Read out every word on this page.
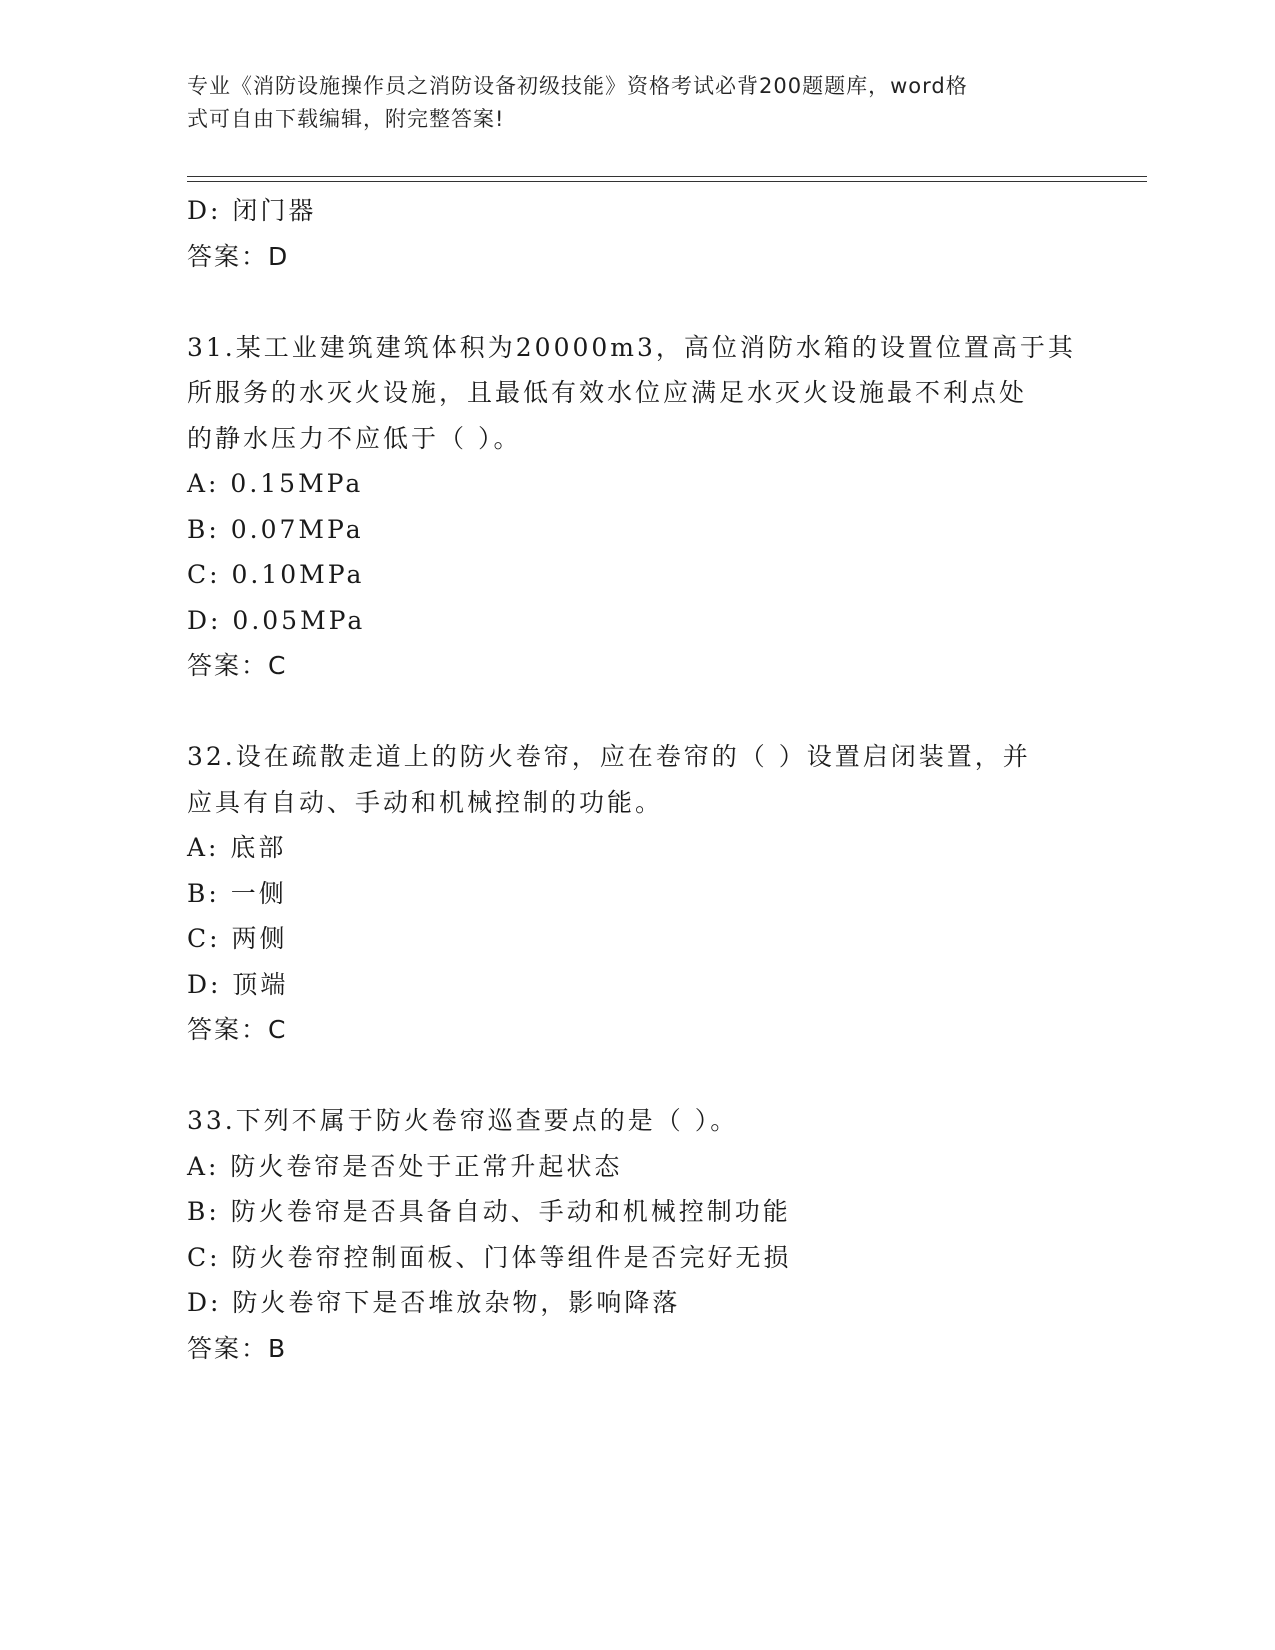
专业《消防设施操作员之消防设备初级技能》资格考试必背200题题库，word格
式可自由下载编辑，附完整答案!
D: 闭门器
答案：D
31.某工业建筑建筑体积为20000m3，高位消防水箱的设置位置高于其
所服务的水灭火设施，且最低有效水位应满足水灭火设施最不利点处
的静水压力不应低于（ ）。
A: 0.15MPa
B: 0.07MPa
C: 0.10MPa
D: 0.05MPa
答案：C
32.设在疏散走道上的防火卷帘，应在卷帘的（ ）设置启闭装置，并
应具有自动、手动和机械控制的功能。
A: 底部
B: 一侧
C: 两侧
D: 顶端
答案：C
33.下列不属于防火卷帘巡查要点的是（ ）。
A: 防火卷帘是否处于正常升起状态
B: 防火卷帘是否具备自动、手动和机械控制功能
C: 防火卷帘控制面板、门体等组件是否完好无损
D: 防火卷帘下是否堆放杂物，影响降落
答案：B
